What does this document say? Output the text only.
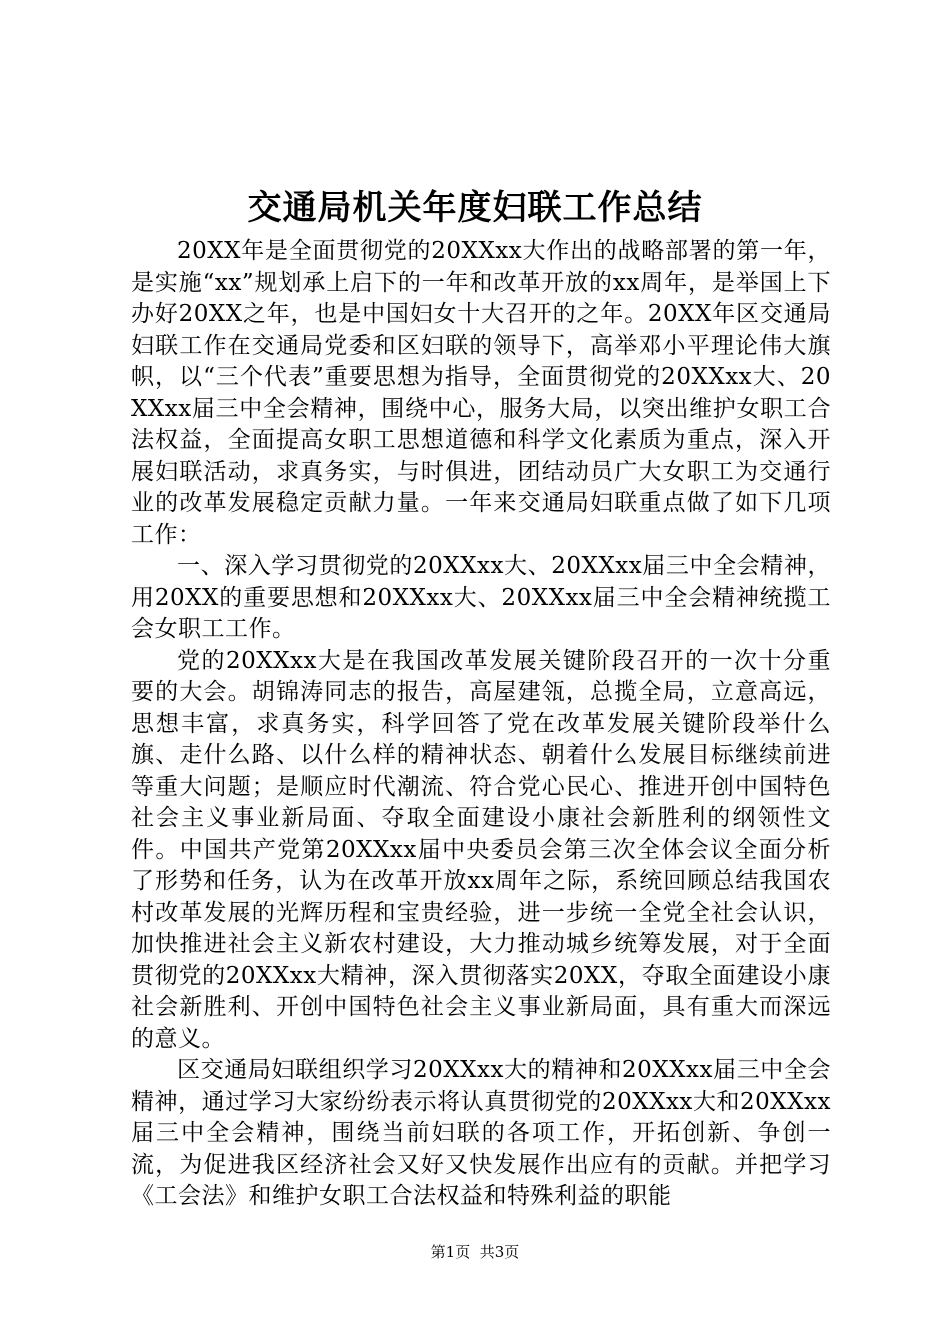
交通局机关年度妇联工作总结

20XX年是全面贯彻党的20XXxx大作出的战略部署的第一年，是实施“xx”规划承上启下的一年和改革开放的xx周年，是举国上下办好20XX之年，也是中国妇女十大召开的之年。20XX年区交通局妇联工作在交通局党委和区妇联的领导下，高举邓小平理论伟大旗帜，以“三个代表”重要思想为指导，全面贯彻党的20XXxx大、20XXxx届三中全会精神，围绕中心，服务大局，以突出维护女职工合法权益，全面提高女职工思想道德和科学文化素质为重点，深入开展妇联活动，求真务实，与时俱进，团结动员广大女职工为交通行业的改革发展稳定贡献力量。一年来交通局妇联重点做了如下几项工作：

一、深入学习贯彻党的20XXxx大、20XXxx届三中全会精神，用20XX的重要思想和20XXxx大、20XXxx届三中全会精神统揽工会女职工工作。

党的20XXxx大是在我国改革发展关键阶段召开的一次十分重要的大会。胡锦涛同志的报告，高屋建瓴，总揽全局，立意高远，思想丰富，求真务实，科学回答了党在改革发展关键阶段举什么旗、走什么路、以什么样的精神状态、朝着什么发展目标继续前进等重大问题；是顺应时代潮流、符合党心民心、推进开创中国特色社会主义事业新局面、夺取全面建设小康社会新胜利的纲领性文件。中国共产党第20XXxx届中央委员会第三次全体会议全面分析了形势和任务，认为在改革开放xx周年之际，系统回顾总结我国农村改革发展的光辉历程和宝贵经验，进一步统一全党全社会认识，加快推进社会主义新农村建设，大力推动城乡统筹发展，对于全面贯彻党的20XXxx大精神，深入贯彻落实20XX，夺取全面建设小康社会新胜利、开创中国特色社会主义事业新局面，具有重大而深远的意义。

区交通局妇联组织学习20XXxx大的精神和20XXxx届三中全会精神，通过学习大家纷纷表示将认真贯彻党的20XXxx大和20XXxx届三中全会精神，围绕当前妇联的各项工作，开拓创新、争创一流，为促进我区经济社会又好又快发展作出应有的贡献。并把学习《工会法》和维护女职工合法权益和特殊利益的职能

第1页 共3页
